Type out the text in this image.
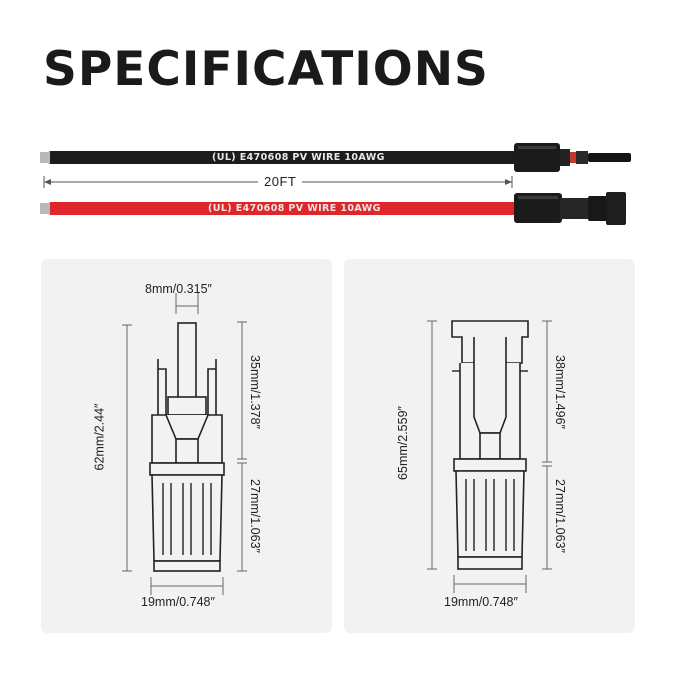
SPECIFICATIONS
(UL) E470608 PV WIRE 10AWG
(UL) E470608 PV WIRE 10AWG
20FT
8mm/0.315″
62mm/2.44″
35mm/1.378″
27mm/1.063″
19mm/0.748″
65mm/2.559″
38mm/1.496″
27mm/1.063″
19mm/0.748″
